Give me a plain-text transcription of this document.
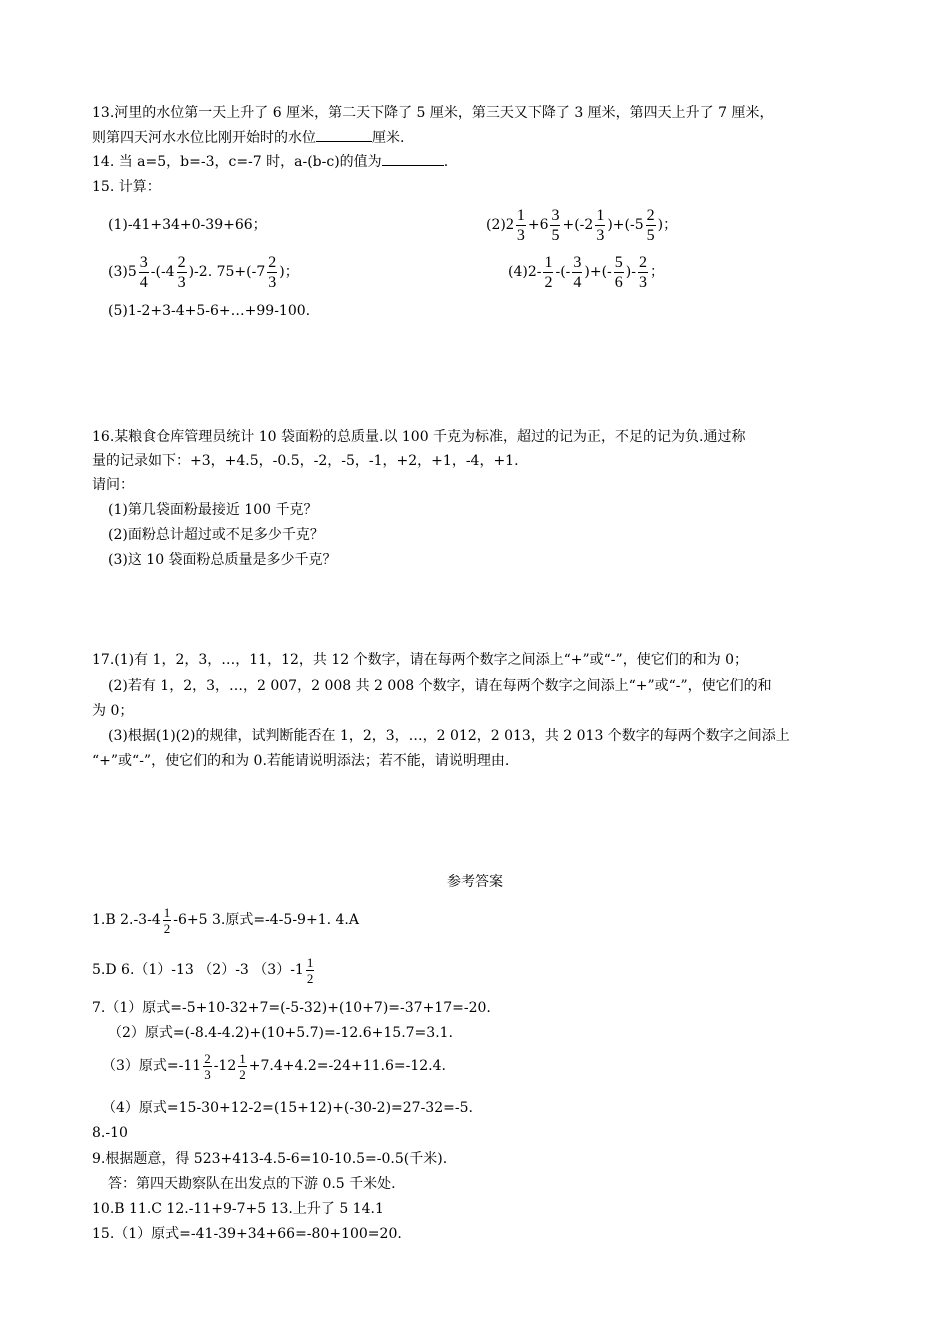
13.河里的水位第一天上升了 6 厘米，第二天下降了 5 厘米，第三天又下降了 3 厘米，第四天上升了 7 厘米，
则第四天河水水位比刚开始时的水位	厘米.
14. 当 a=5，b=-3，c=-7 时，a-(b-c)的值为	.
15. 计算：
(1)-41+34+0-39+66；	$(2)2 \frac{1}{3} +6 \frac{3}{5} +(-2 \frac{1}{3} )+(-5 \frac{2}{5}$ )；
$(3)5 \frac{3}{4} -(-4 \frac{2}{3} )-2$. $75+(-7 \frac{2}{3}$ )；	$(4)2- \frac{1}{2}$ -(- $\frac{3}{4}$ )+(- $\frac{5}{6}$ )- $\frac{2}{3}$ ；
(5)1-2+3-4+5-6+…+99-100.
16.某粮食仓库管理员统计 10 袋面粉的总质量.以 100 千克为标准，超过的记为正，不足的记为负.通过称
量的记录如下：+3，+4.5，-0.5，-2，-5，-1，+2，+1，-4，+1.
请问：
(1)第几袋面粉最接近 100 千克？
(2)面粉总计超过或不足多少千克？
(3)这 10 袋面粉总质量是多少千克？
17.(1)有 1，2，3，…，11，12，共 12 个数字，请在每两个数字之间添上“+”或“-”，使它们的和为 0；
(2)若有 1，2，3，…，2 007，2 008 共 2 008 个数字，请在每两个数字之间添上“+”或“-”，使它们的和
为 0；
(3)根据(1)(2)的规律，试判断能否在 1，2，3，…，2 012，2 013，共 2 013 个数字的每两个数字之间添上
“+”或“-”，使它们的和为 0.若能请说明添法；若不能，请说明理由.
参考答案
1.B $2.-3-4 \frac{1}{2} -6+5$ 3.原式=-4-5-9+1. 4.A
5.D 6.（1）-13 （2）-3 $(3)-1 \frac{1}{2}$
7.（1）原式=-5+10-32+7=(-5-32)+(10+7)=-37+17=-20.
（2）原式=(-8.4-4.2)+(10+5.7)=-12.6+15.7=3.1.
（3）原式$=-11 \frac{2}{3} -12 \frac{1}{2} +7.4+4.2=-24+11.6=-12.4$.
（4）原式=15-30+12-2=(15+12)+(-30-2)=27-32=-5.
8.-10
9.根据题意，得 523+413-4.5-6=10-10.5=-0.5(千米).
答：第四天勘察队在出发点的下游 0.5 千米处.
10.B 11.C 12.-11+9-7+5 13.上升了 5 14.1
15.（1）原式=-41-39+34+66=-80+100=20.
